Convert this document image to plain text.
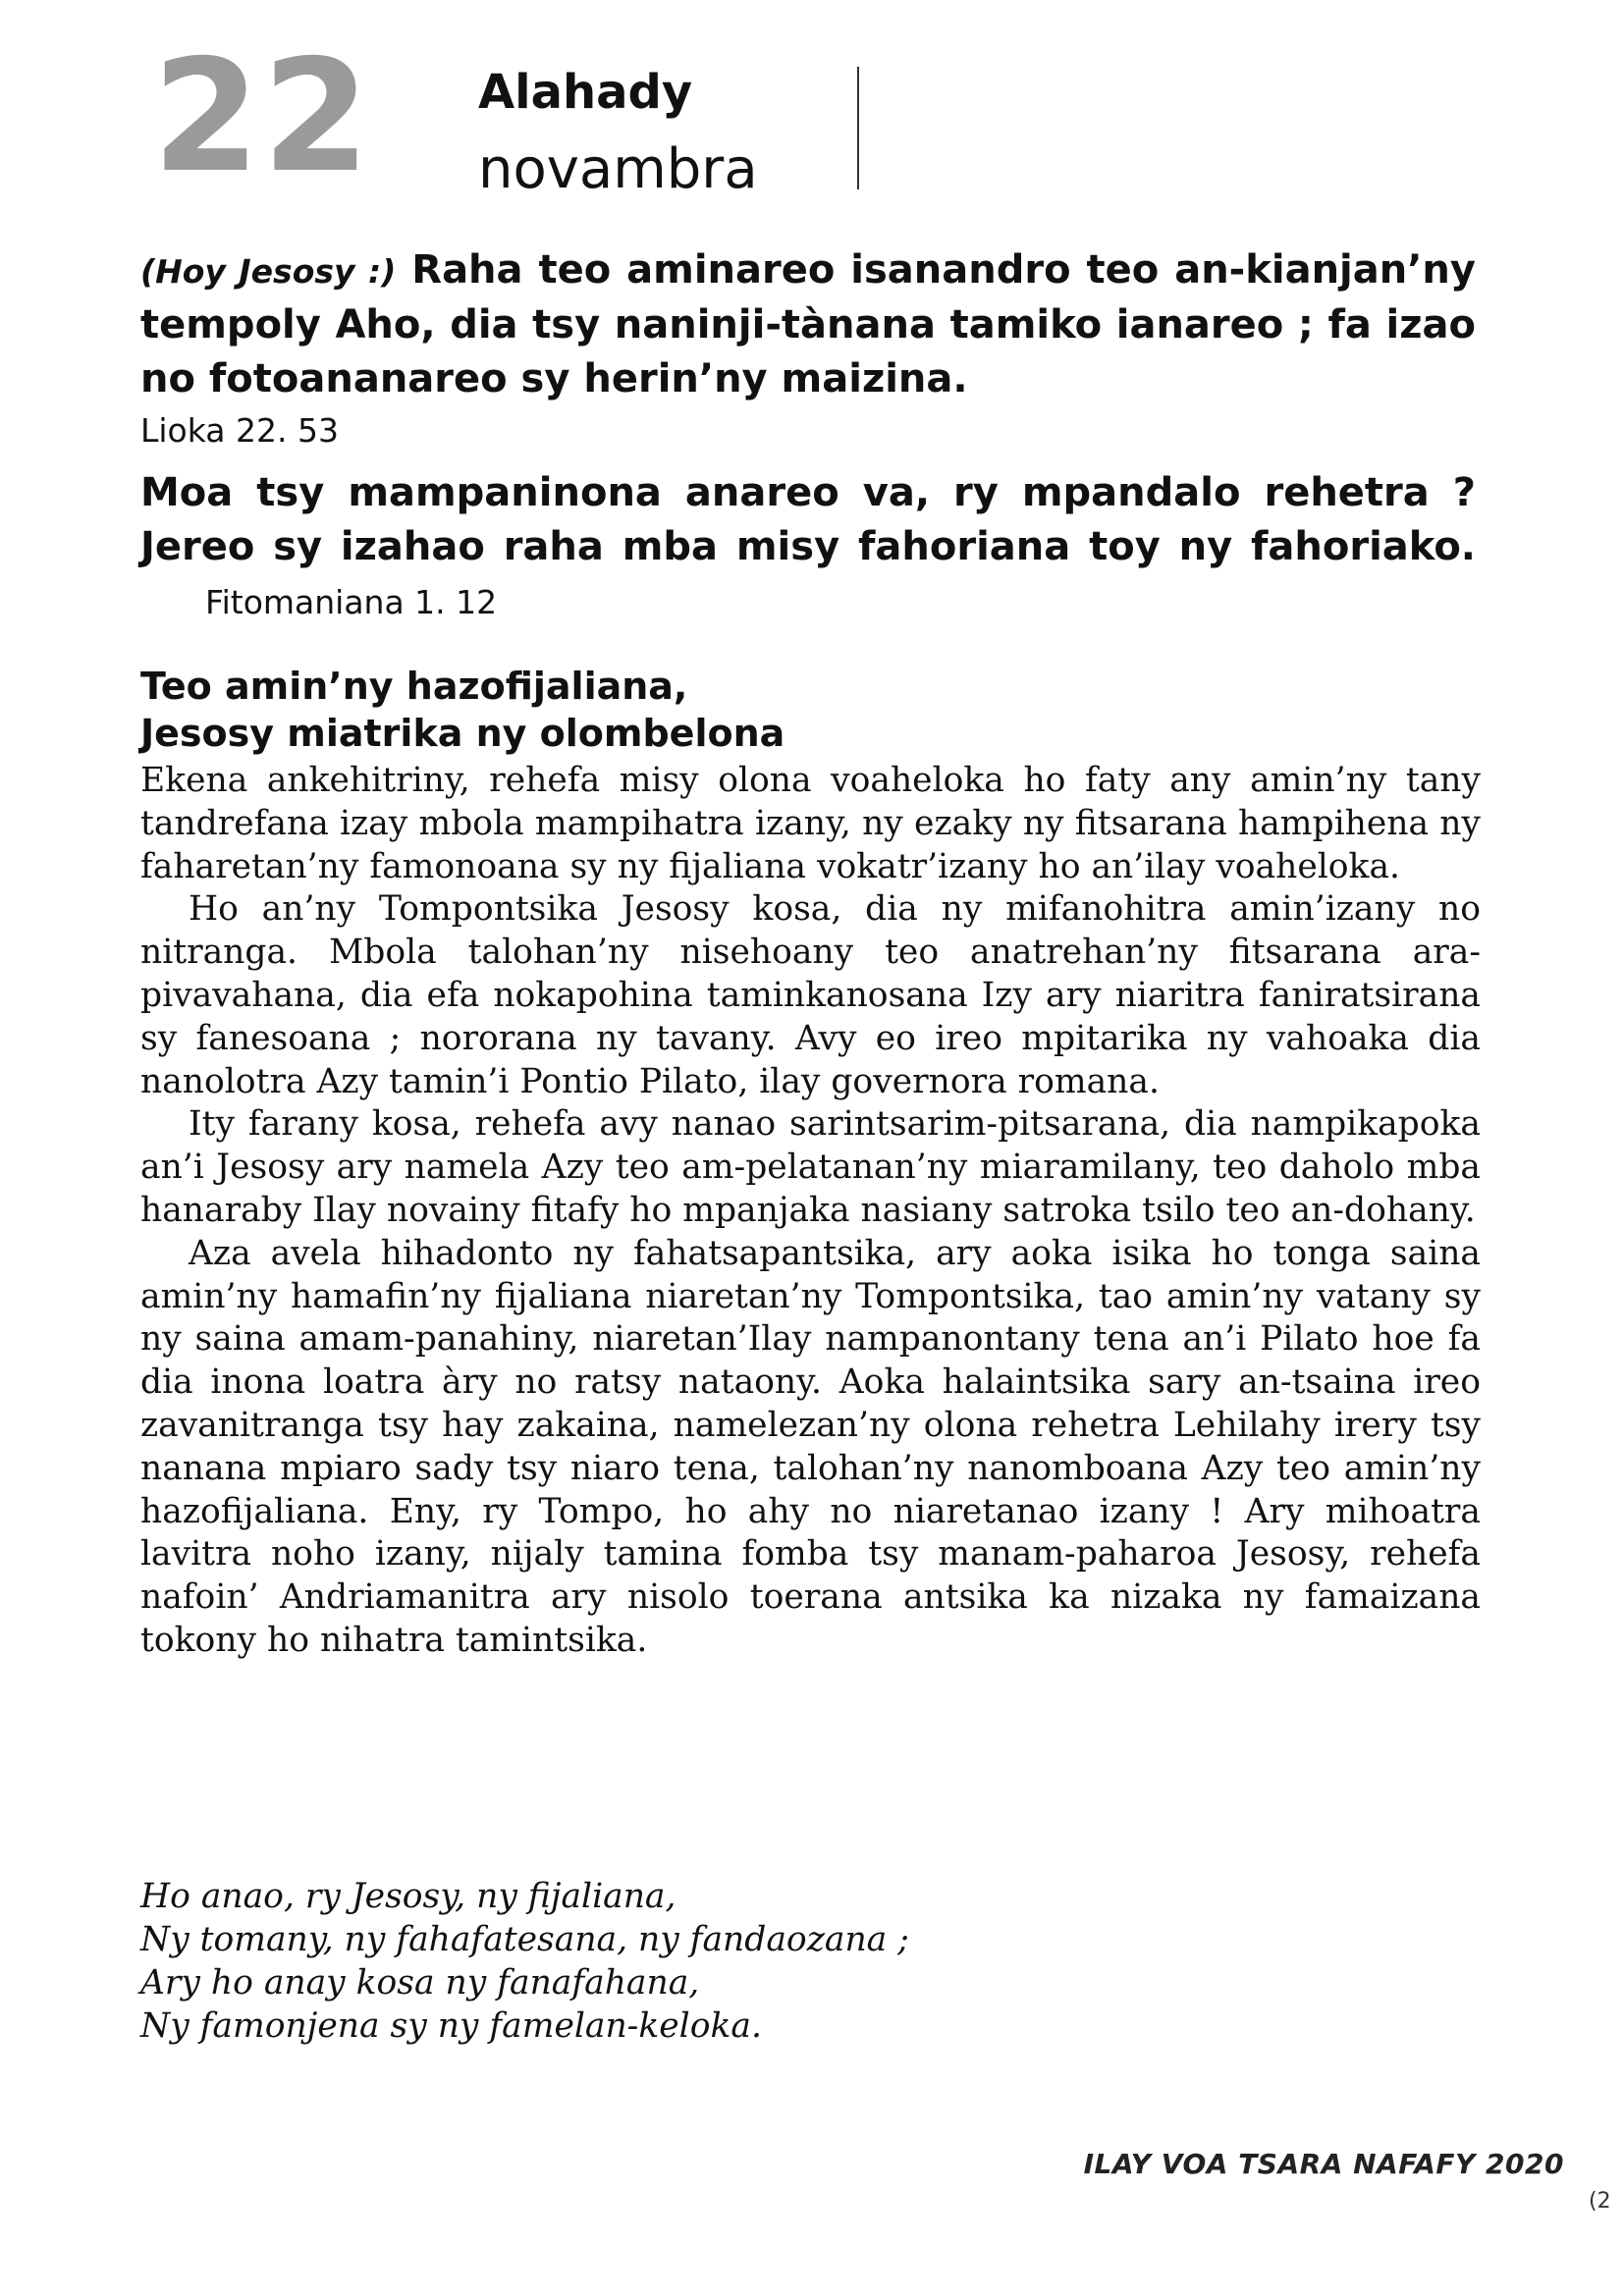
22 Alahady
novambra
(Hoy Jesosy :) Raha teo aminareo isanandro teo an-kianjan’ny tempoly Aho, dia tsy naninji-tànana tamiko ianareo ; fa izao no fotoananareo sy herin’ny maizina.
Lioka 22. 53
Moa tsy mampaninona anareo va, ry mpandalo rehetra ? Jereo sy izahao raha mba misy fahoriana toy ny fahoriako. Fitomaniana 1. 12
Teo amin’ny hazofijaliana,
Jesosy miatrika ny olombelona

Ekena ankehitriny, rehefa misy olona voaheloka ho faty any amin’ny tany tandrefana izay mbola mampihatra izany, ny ezaky ny fitsarana hampihena ny faharetan’ny famonoana sy ny fijaliana vokatr’izany ho an’ilay voaheloka.

Ho an’ny Tompontsika Jesosy kosa, dia ny mifanohitra amin’izany no nitranga. Mbola talohan’ny nisehoany teo anatrehan’ny fitsarana ara-pivavahana, dia efa nokapohina taminkanosana Izy ary niaritra faniratsirana sy fanesoana ; nororana ny tavany. Avy eo ireo mpitarika ny vahoaka dia nanolotra Azy tamin’i Pontio Pilato, ilay governora romana.

Ity farany kosa, rehefa avy nanao sarintsarim-pitsarana, dia nampikapoka an’i Jesosy ary namela Azy teo am-pelatanan’ny miaramilany, teo daholo mba hanaraby Ilay novainy fitafy ho mpanjaka nasiany satroka tsilo teo an-dohany.

Aza avela hihadonto ny fahatsapantsika, ary aoka isika ho tonga saina amin’ny hamafin’ny fijaliana niaretan’ny Tompontsika, tao amin’ny vatany sy ny saina amam-panahiny, niaretan’Ilay nampanontany tena an’i Pilato hoe fa dia inona loatra àry no ratsy nataony. Aoka halaintsika sary an-tsaina ireo zavanitranga tsy hay zakaina, namelezan’ny olona rehetra Lehilahy irery tsy nanana mpiaro sady tsy niaro tena, talohan’ny nanomboana Azy teo amin’ny hazofijaliana. Eny, ry Tompo, ho ahy no niaretanao izany ! Ary mihoatra lavitra noho izany, nijaly tamina fomba tsy manam-paharoa Jesosy, rehefa nafoin’ Andriamanitra ary nisolo toerana antsika ka nizaka ny famaizana tokony ho nihatra tamintsika.

Ho anao, ry Jesosy, ny fijaliana,
Ny tomany, ny fahafatesana, ny fandaozana ;
Ary ho anay kosa ny fanafahana,
Ny famonjena sy ny famelan-keloka.
ILAY VOA TSARA NAFAFY 2020
(2
